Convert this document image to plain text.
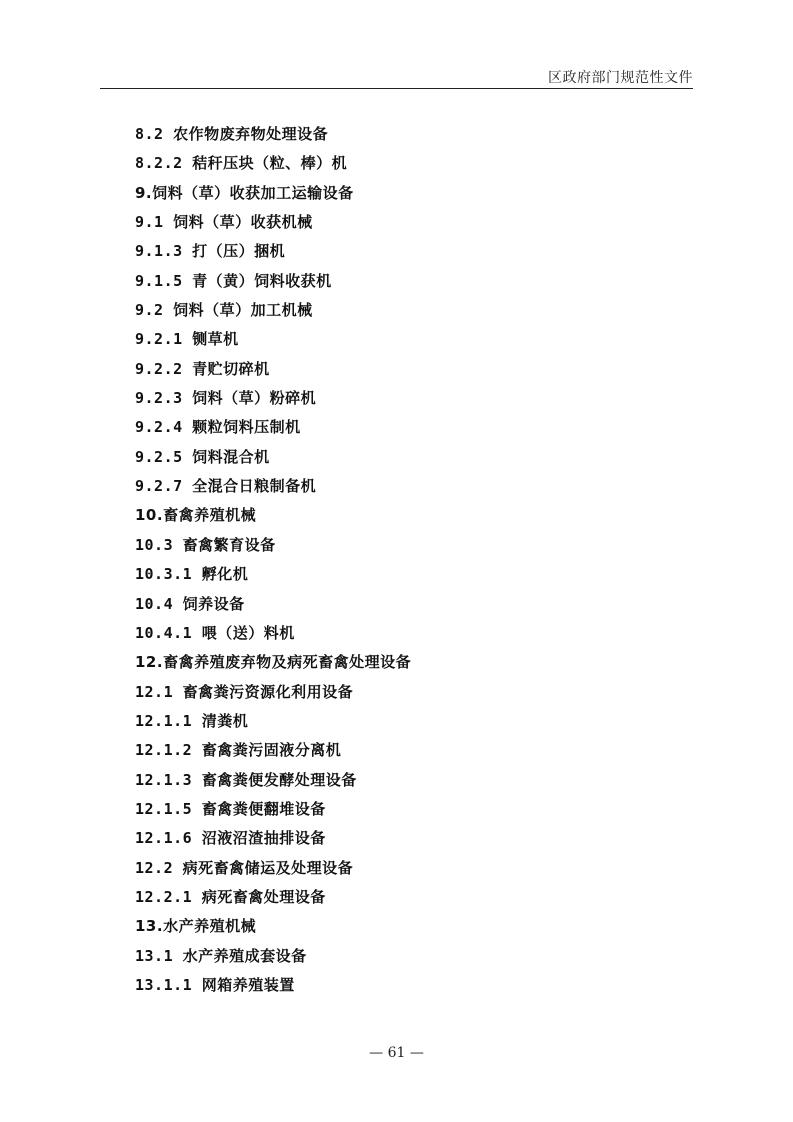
区政府部门规范性文件
8.2 农作物废弃物处理设备
8.2.2 秸秆压块（粒、棒）机
9.饲料（草）收获加工运输设备
9.1 饲料（草）收获机械
9.1.3 打（压）捆机
9.1.5 青（黄）饲料收获机
9.2 饲料（草）加工机械
9.2.1 铡草机
9.2.2 青贮切碎机
9.2.3 饲料（草）粉碎机
9.2.4 颗粒饲料压制机
9.2.5 饲料混合机
9.2.7 全混合日粮制备机
10.畜禽养殖机械
10.3 畜禽繁育设备
10.3.1 孵化机
10.4 饲养设备
10.4.1 喂（送）料机
12.畜禽养殖废弃物及病死畜禽处理设备
12.1 畜禽粪污资源化利用设备
12.1.1 清粪机
12.1.2 畜禽粪污固液分离机
12.1.3 畜禽粪便发酵处理设备
12.1.5 畜禽粪便翻堆设备
12.1.6 沼液沼渣抽排设备
12.2 病死畜禽储运及处理设备
12.2.1 病死畜禽处理设备
13.水产养殖机械
13.1 水产养殖成套设备
13.1.1 网箱养殖装置
— 61 —
